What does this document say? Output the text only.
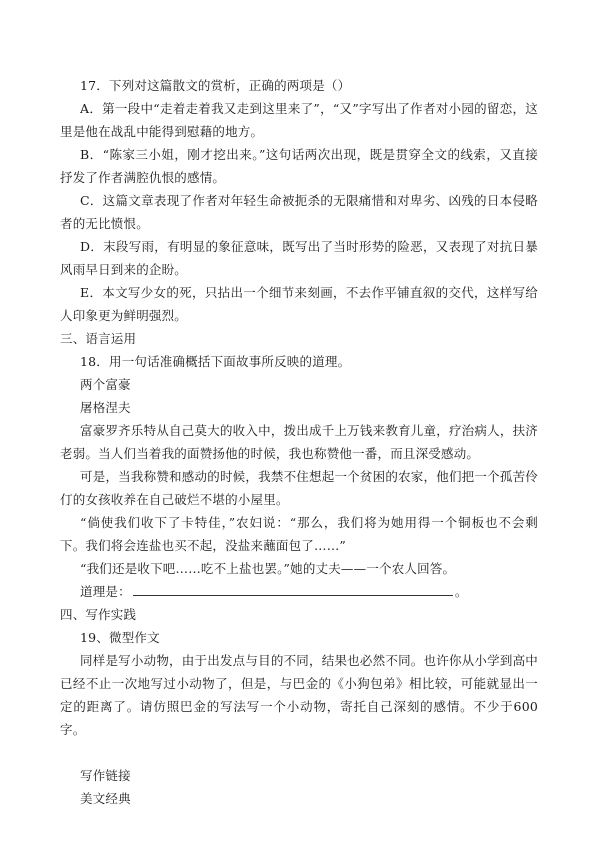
17．下列对这篇散文的赏析，正确的两项是（）

A．第一段中“走着走着我又走到这里来了”，“又”字写出了作者对小园的留恋，这里是他在战乱中能得到慰藉的地方。

B．“陈家三小姐，刚才挖出来。”这句话两次出现，既是贯穿全文的线索，又直接抒发了作者满腔仇恨的感情。

C．这篇文章表现了作者对年轻生命被扼杀的无限痛惜和对卑劣、凶残的日本侵略者的无比愤恨。

D．末段写雨，有明显的象征意味，既写出了当时形势的险恶，又表现了对抗日暴风雨早日到来的企盼。

E．本文写少女的死，只拈出一个细节来刻画，不去作平铺直叙的交代，这样写给人印象更为鲜明强烈。

三、语言运用

18．用一句话准确概括下面故事所反映的道理。

两个富豪

屠格涅夫

富豪罗齐乐特从自己莫大的收入中，拨出成千上万钱来教育儿童，疗治病人，扶济老弱。当人们当着我的面赞扬他的时候，我也称赞他一番，而且深受感动。

可是，当我称赞和感动的时候，我禁不住想起一个贫困的农家，他们把一个孤苦伶仃的女孩收养在自己破烂不堪的小屋里。

“倘使我们收下了卡特佳，”农妇说：“那么，我们将为她用得一个铜板也不会剩下。我们将会连盐也买不起，没盐来蘸面包了……”

“我们还是收下吧……吃不上盐也罢。”她的丈夫——一个农人回答。

道理是：	。

四、写作实践

19、微型作文

同样是写小动物，由于出发点与目的不同，结果也必然不同。也许你从小学到高中已经不止一次地写过小动物了，但是，与巴金的《小狗包弟》相比较，可能就显出一定的距离了。请仿照巴金的写法写一个小动物，寄托自己深刻的感情。不少于600字。

写作链接

美文经典
